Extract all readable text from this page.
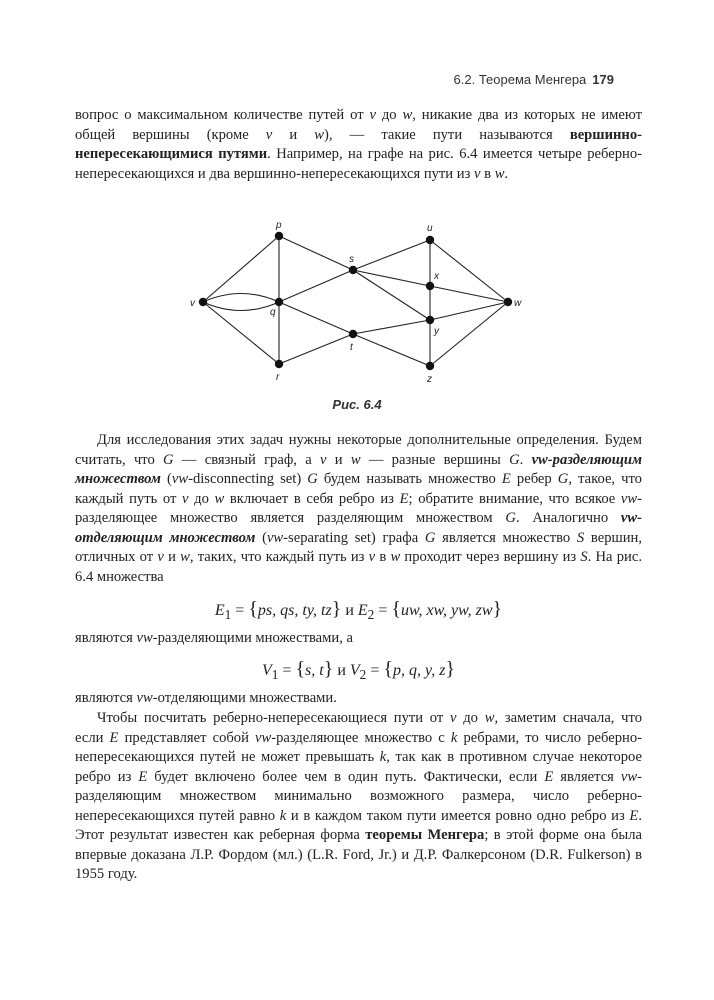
6.2. Теорема Менгера 179

вопрос о максимальном количестве путей от v до w, никакие два из которых не имеют общей вершины (кроме v и w), — такие пути называются вершинно-непересекающимися путями. Например, на графе на рис. 6.4 имеется четыре реберно-непересекающихся и два вершинно-непересекающихся пути из v в w.

v
p
q
r
s
t
u
x
y
z
w
Рис. 6.4

Для исследования этих задач нужны некоторые дополнительные определения. Будем считать, что G — связный граф, а v и w — разные вершины G. vw-разделяющим множеством (vw-disconnecting set) G будем называть множество E ребер G, такое, что каждый путь от v до w включает в себя ребро из E; обратите внимание, что всякое vw-разделяющее множество является разделяющим множеством G. Аналогично vw-отделяющим множеством (vw-separating set) графа G является множество S вершин, отличных от v и w, таких, что каждый путь из v в w проходит через вершину из S. На рис. 6.4 множества

$E_1 = \{ps$, qs, ty, tz} и $E_2 = \{uw$, xw, yw, zw}

являются vw-разделяющими множествами, а

$V_1 = \{s$, t} и $V_2 = \{p$, q, y, z}

являются vw-отделяющими множествами.

Чтобы посчитать реберно-непересекающиеся пути от v до w, заметим сначала, что если E представляет собой vw-разделяющее множество с k ребрами, то число реберно-непересекающихся путей не может превышать k, так как в противном случае некоторое ребро из E будет включено более чем в один путь. Фактически, если E является vw-разделяющим множеством минимально возможного размера, число реберно-непересекающихся путей равно k и в каждом таком пути имеется ровно одно ребро из E. Этот результат известен как реберная форма теоремы Менгера; в этой форме она была впервые доказана Л.Р. Фордом (мл.) (L.R. Ford, Jr.) и Д.Р. Фалкерсоном (D.R. Fulkerson) в 1955 году.
